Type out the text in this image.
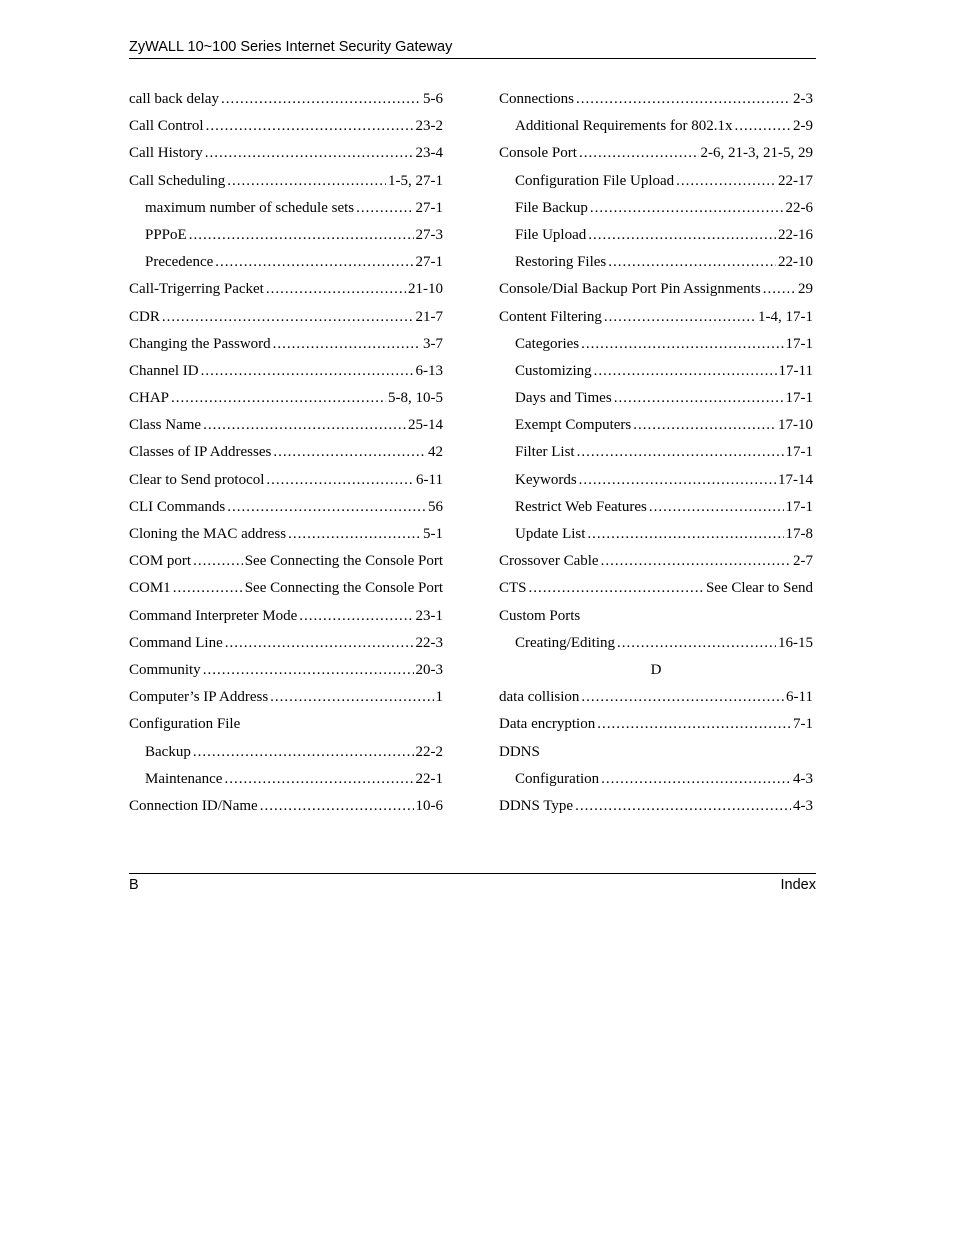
ZyWALL 10~100 Series Internet Security Gateway
call back delay .....	5-6
Call Control .....	23-2
Call History .....	23-4
Call Scheduling .....	1-5, 27-1
maximum number of schedule sets .....	27-1
PPPoE .....	27-3
Precedence .....	27-1
Call-Trigerring Packet .....	21-10
CDR .....	21-7
Changing the Password .....	3-7
Channel ID .....	6-13
CHAP .....	5-8, 10-5
Class Name .....	25-14
Classes of IP Addresses .....	42
Clear to Send protocol .....	6-11
CLI Commands .....	56
Cloning the MAC address .....	5-1
COM port .....	See Connecting the Console Port
COM1 .....	See Connecting the Console Port
Command Interpreter Mode .....	23-1
Command Line .....	22-3
Community .....	20-3
Computer’s IP Address .....	1
Configuration File
Backup .....	22-2
Maintenance .....	22-1
Connection ID/Name .....	10-6
Connections .....	2-3
Additional Requirements for 802.1x .....	2-9
Console Port .....	2-6, 21-3, 21-5, 29
Configuration File Upload .....	22-17
File Backup .....	22-6
File Upload .....	22-16
Restoring Files .....	22-10
Console/Dial Backup Port Pin Assignments ..... 29
Content Filtering .....	1-4, 17-1
Categories .....	17-1
Customizing .....	17-11
Days and Times .....	17-1
Exempt Computers .....	17-10
Filter List .....	17-1
Keywords .....	17-14
Restrict Web Features .....	17-1
Update List .....	17-8
Crossover Cable .....	2-7
CTS .....	See Clear to Send
Custom Ports
Creating/Editing .....	16-15
D
data collision .....	6-11
Data encryption .....	7-1
DDNS
Configuration .....	4-3
DDNS Type .....	4-3
B	Index
